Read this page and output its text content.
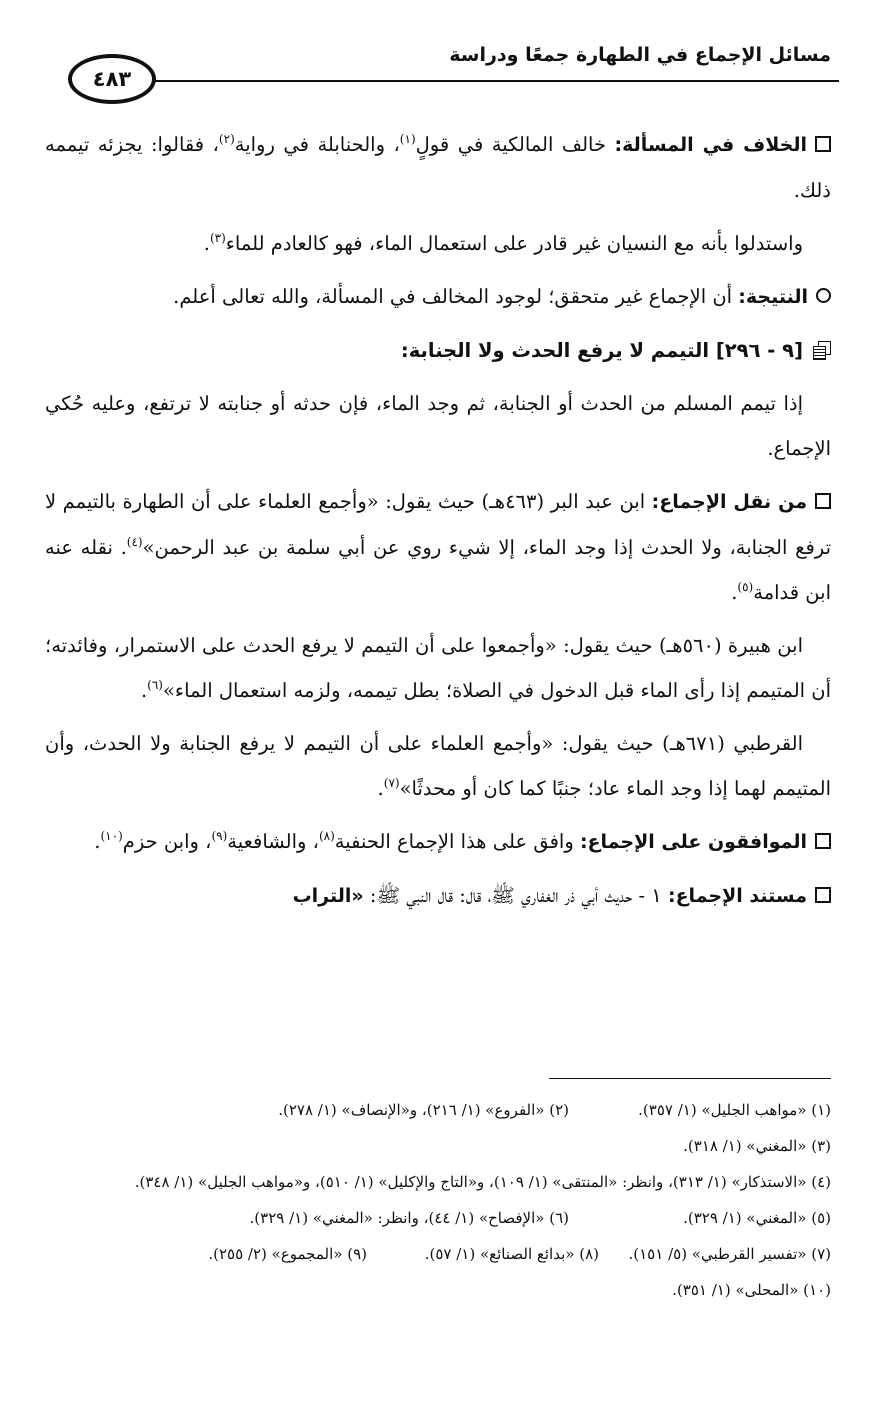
مسائل الإجماع في الطهارة جمعًا ودراسة
٤٨٣

الخلاف في المسألة: خالف المالكية في قولٍ$^{(١)}$، والحنابلة في رواية$^{(٢)}$، فقالوا: يجزئه تيممه ذلك.

واستدلوا بأنه مع النسيان غير قادر على استعمال الماء، فهو كالعادم للماء$^{(٣)}$.

النتيجة: أن الإجماع غير متحقق؛ لوجود المخالف في المسألة، والله تعالى أعلم.

[٩ - ٢٩٦] التيمم لا يرفع الحدث ولا الجنابة:

إذا تيمم المسلم من الحدث أو الجنابة، ثم وجد الماء، فإن حدثه أو جنابته لا ترتفع، وعليه حُكي الإجماع.

من نقل الإجماع: ابن عبد البر (٤٦٣هـ) حيث يقول: «وأجمع العلماء على أن الطهارة بالتيمم لا ترفع الجنابة، ولا الحدث إذا وجد الماء، إلا شيء روي عن أبي سلمة بن عبد الرحمن»$^{(٤)}$. نقله عنه ابن قدامة$^{(٥)}$.

ابن هبيرة (٥٦٠هـ) حيث يقول: «وأجمعوا على أن التيمم لا يرفع الحدث على الاستمرار، وفائدته؛ أن المتيمم إذا رأى الماء قبل الدخول في الصلاة؛ بطل تيممه، ولزمه استعمال الماء»$^{(٦)}$.

القرطبي (٦٧١هـ) حيث يقول: «وأجمع العلماء على أن التيمم لا يرفع الجنابة ولا الحدث، وأن المتيمم لهما إذا وجد الماء عاد؛ جنبًا كما كان أو محدثًا»$^{(٧)}$.

الموافقون على الإجماع: وافق على هذا الإجماع الحنفية$^{(٨)}$، والشافعية$^{(٩)}$، وابن حزم$^{(١٠)}$.

مستند الإجماع: ١ - حديث أبي ذر الغفاري ﷺ، قال: قال النبي ﷺ: «التراب

(١) «مواهب الجليل» (١/ ٣٥٧).
(٢) «الفروع» (١/ ٢١٦)، و«الإنصاف» (١/ ٢٧٨).
(٣) «المغني» (١/ ٣١٨).
(٤) «الاستذكار» (١/ ٣١٣)، وانظر: «المنتقى» (١/ ١٠٩)، و«التاج والإكليل» (١/ ٥١٠)، و«مواهب الجليل» (١/ ٣٤٨).
(٥) «المغني» (١/ ٣٢٩).
(٦) «الإفصاح» (١/ ٤٤)، وانظر: «المغني» (١/ ٣٢٩).
(٧) «تفسير القرطبي» (٥/ ١٥١).
(٨) «بدائع الصنائع» (١/ ٥٧).
(٩) «المجموع» (٢/ ٢٥٥).
(١٠) «المحلى» (١/ ٣٥١).
